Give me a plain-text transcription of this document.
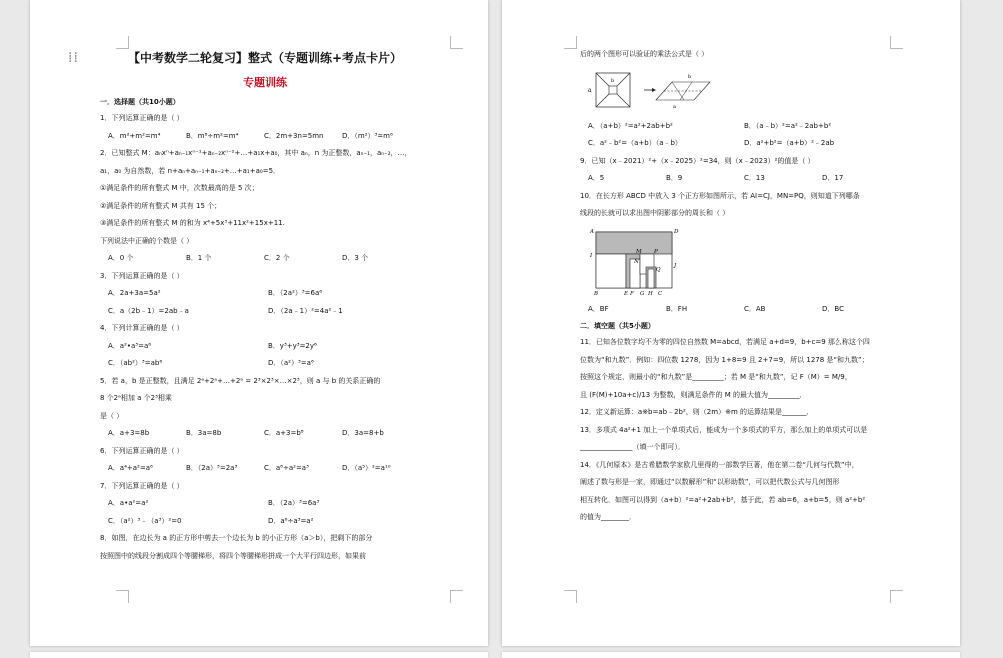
⁞⁞	【中考数学二轮复习】整式（专题训练+考点卡片）
专题训练
一．选择题（共10小题）
1．下列运算正确的是（ ）
A．m²+m²=m⁴	B．m⁸÷m²=m⁴	C．2m+3n=5mn	D．（m²）³=m⁶
2．已知整式 M：aₙxⁿ+aₙ₋₁xⁿ⁻¹+aₙ₋₂xⁿ⁻²+…+a₁x+a₀，其中 aₙ，n 为正整数，aₙ₋₁，aₙ₋₂，…，
a₁，a₀ 为自然数，若 n+aₙ+aₙ₋₁+aₙ₋₂+…+a₁+a₀=5．
①满足条件的所有整式 M 中，次数最高的是 5 次；
②满足条件的所有整式 M 共有 15 个；
③满足条件的所有整式 M 的和为 x⁴+5x³+11x²+15x+11.
下列说法中正确的个数是（ ）
A．0 个	B．1 个	C．2 个	D．3 个
3．下列运算正确的是（ ）
A．2a+3a=5a²	B．（2a²）³=6a⁶
C．a（2b﹣1）=2ab﹣a	D．（2a﹣1）²=4a²﹣1
4．下列计算正确的是（ ）
A．a²•a³=a⁶	B．y³+y³=2y⁶
C．（ab²）³=ab⁶	D．（a²）³=a⁶
5．若 a，b 是正整数，且满足 2ᵃ+2ᵃ+…+2ᵃ = 2³×2³×…×2³，则 a 与 b 的关系正确的
8 个2ᵃ相加 a 个2³相乘
是（ ）
A．a+3=8b	B．3a=8b	C．a+3=b⁸	D．3a=8+b
6．下列运算正确的是（ ）
A．a⁴+a²=a⁶	B．（2a）³=2a³	C．a⁶÷a²=a³	D．（a⁵）²=a¹⁰
7．下列运算正确的是（ ）
A．a•a²=a²	B．（2a）³=6a³
C．（a²）³﹣（a³）²=0	D．a⁶÷a³=a²
8．如图，在边长为 a 的正方形中剪去一个边长为 b 的小正方形（a＞b），把剩下的部分
按照图中的线段分割成四个等腰梯形，将四个等腰梯形拼成一个大平行四边形，如果前
后的两个图形可以验证的乘法公式是（ ）
a
b
b
a
A．（a+b）²=a²+2ab+b²	B．（a﹣b）²=a²﹣2ab+b²
C．a²﹣b²=（a+b）（a﹣b）	D．a²+b²=（a+b）²﹣2ab
9．已知（x﹣2021）²+（x﹣2025）²=34，则（x﹣2023）²的值是（ ）
A．5	B．9	C．13	D．17
10．在长方形 ABCD 中放入 3 个正方形如图所示，若 AI=CJ，MN=PQ，则知道下列哪条
线段的长就可以求出图中阴影部分的周长和（ ）
A	D
I
M P
N
Q
J
B	E F G H C
A．BF	B．FH	C．AB	D．BC
二．填空题（共5小题）
11．已知各位数字均不为零的四位自然数 M=abcd，若满足 a+d=9，b+c=9 那么称这个四
位数为“和九数”．例如：四位数 1278，因为 1+8=9 且 2+7=9，所以 1278 是“和九数”；
按照这个规定，则最小的“和九数”是_________；若 M 是“和九数”，记 F（M）= M/9，
且 (F(M)+10a+c)/13 为整数，则满足条件的 M 的最大值为_________．
12．定义新运算：a※b=ab﹣2b²，则（2m）※m 的运算结果是_______．
13．多项式 4a²+1 加上一个单项式后，能成为一个多项式的平方，那么加上的单项式可以是
_______________（填一个即可）．
14．《几何原本》是古希腊数学家欧几里得的一部数学巨著，他在第二卷“几何与代数”中，
阐述了数与形是一家，即通过“以数解形”和“以形助数”，可以把代数公式与几何图形
相互转化．如图可以得到（a+b）²=a²+2ab+b²，基于此，若 ab=6，a+b=5，则 a²+b²
的值为________．
